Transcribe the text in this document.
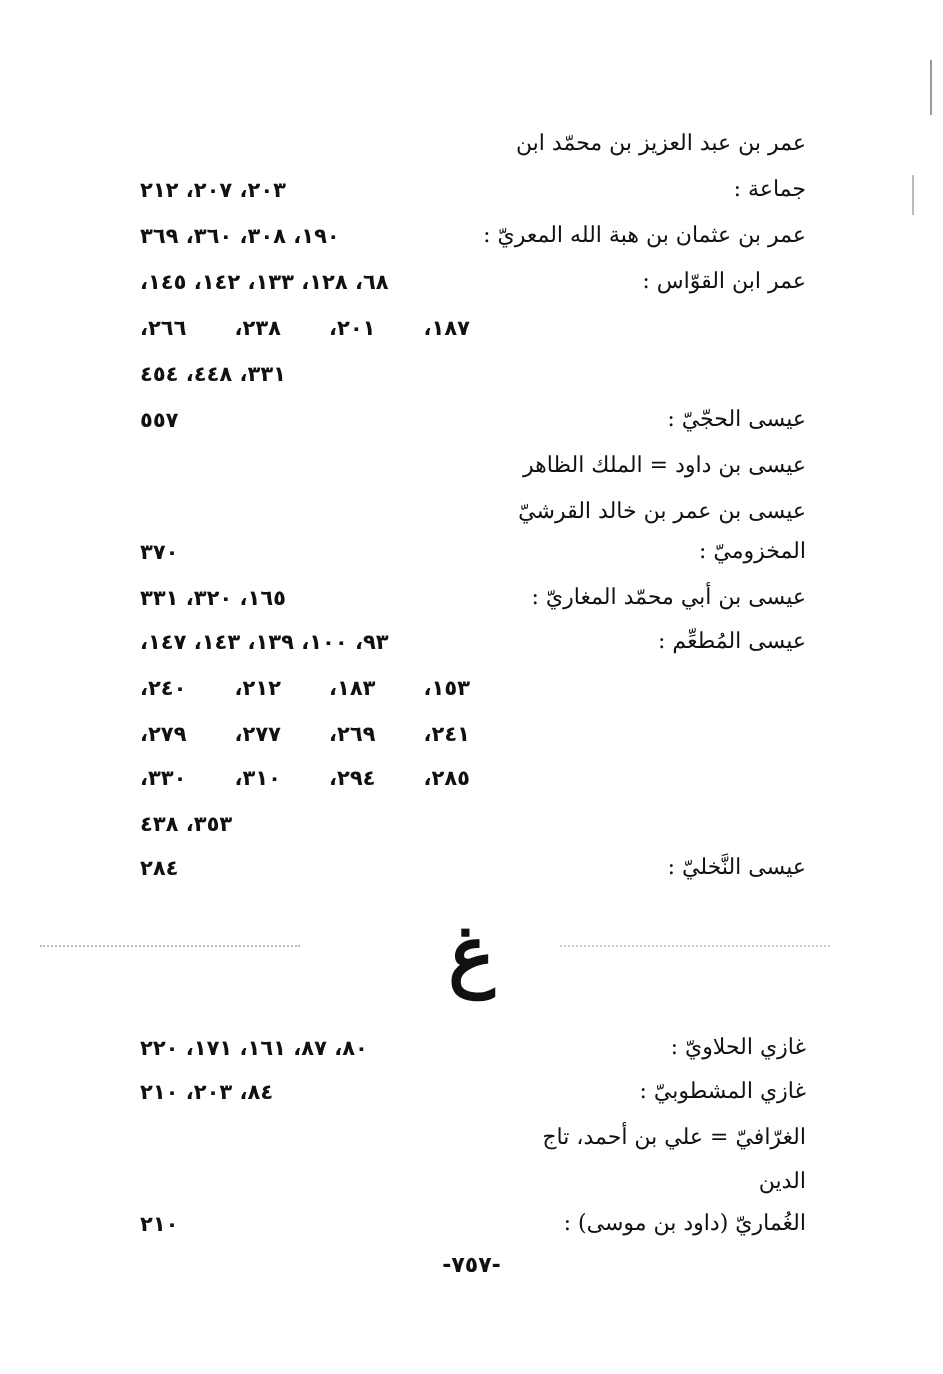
عمر بن عبد العزيز بن محمّد ابن
جماعة :
٢٠٣، ٢٠٧، ٢١٢
عمر بن عثمان بن هبة الله المعريّ :
١٩٠، ٣٠٨، ٣٦٠، ٣٦٩
عمر ابن القوّاس :
٦٨، ١٢٨، ١٣٣، ١٤٢، ١٤٥،
١٨٧، ٢٠١، ٢٣٨، ٢٦٦،
٣٣١، ٤٤٨، ٤٥٤
عيسى الحجّيّ :
٥٥٧
عيسى بن داود = الملك الظاهر
عيسى بن عمر بن خالد القرشيّ
المخزوميّ :
٣٧٠
عيسى بن أبي محمّد المغاريّ :
١٦٥، ٣٢٠، ٣٣١
عيسى المُطعِّم :
٩٣، ١٠٠، ١٣٩، ١٤٣، ١٤٧،
١٥٣، ١٨٣، ٢١٢، ٢٤٠،
٢٤١، ٢٦٩، ٢٧٧، ٢٧٩،
٢٨٥، ٢٩٤، ٣١٠، ٣٣٠،
٣٥٣، ٤٣٨
عيسى النَّخليّ :
٢٨٤
غ
غازي الحلاويّ :
٨٠، ٨٧، ١٦١، ١٧١، ٢٢٠
غازي المشطوبيّ :
٨٤، ٢٠٣، ٢١٠
الغرّافيّ = علي بن أحمد، تاج
الدين
الغُماريّ (داود بن موسى) :
٢١٠
-٧٥٧-
